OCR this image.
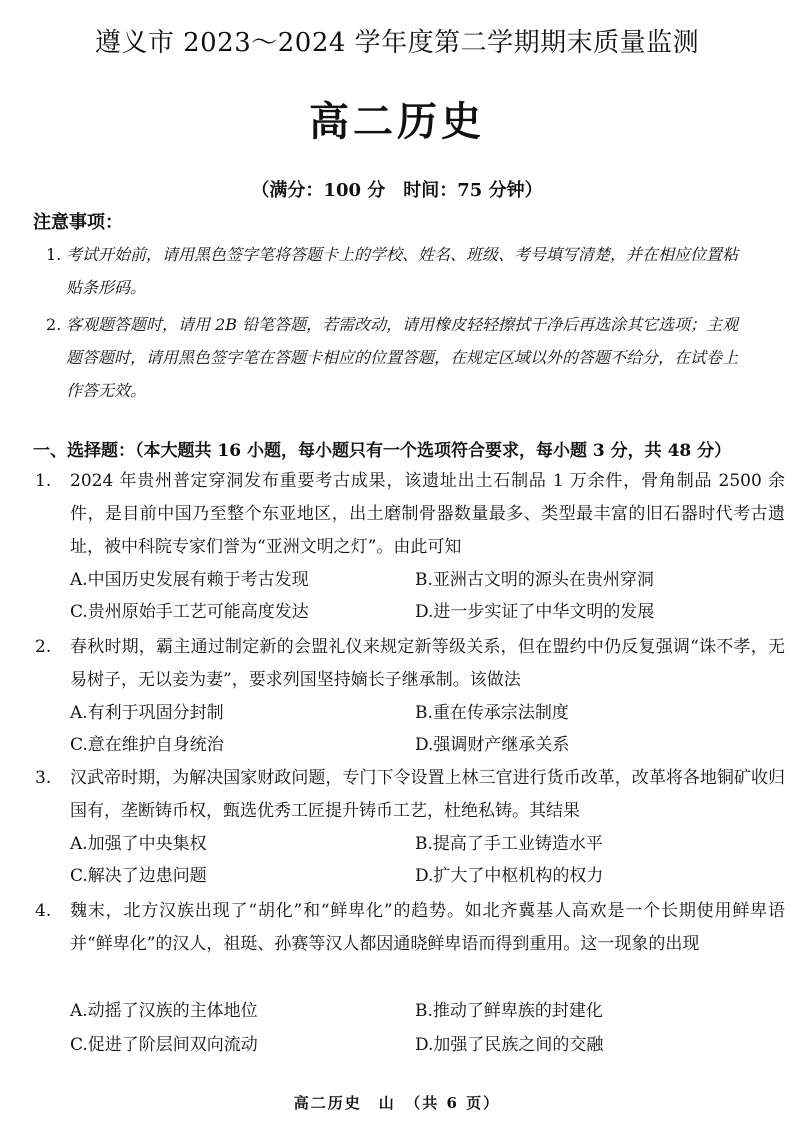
遵义市 2023～2024 学年度第二学期期末质量监测
高二历史
（满分：100 分　时间：75 分钟）
注意事项：
1. 考试开始前，请用黑色签字笔将答题卡上的学校、姓名、班级、考号填写清楚，并在相应位置粘贴条形码。
2. 客观题答题时，请用 2B 铅笔答题，若需改动，请用橡皮轻轻擦拭干净后再选涂其它选项；主观题答题时，请用黑色签字笔在答题卡相应的位置答题，在规定区域以外的答题不给分，在试卷上作答无效。
一、选择题：（本大题共 16 小题，每小题只有一个选项符合要求，每小题 3 分，共 48 分）
1. 2024 年贵州普定穿洞发布重要考古成果，该遗址出土石制品 1 万余件，骨角制品 2500 余件，是目前中国乃至整个东亚地区，出土磨制骨器数量最多、类型最丰富的旧石器时代考古遗址，被中科院专家们誉为“亚洲文明之灯”。由此可知
A.中国历史发展有赖于考古发现	B.亚洲古文明的源头在贵州穿洞
C.贵州原始手工艺可能高度发达	D.进一步实证了中华文明的发展
2. 春秋时期，霸主通过制定新的会盟礼仪来规定新等级关系，但在盟约中仍反复强调“诛不孝，无易树子，无以妾为妻”，要求列国坚持嫡长子继承制。该做法
A.有利于巩固分封制	B.重在传承宗法制度
C.意在维护自身统治	D.强调财产继承关系
3. 汉武帝时期，为解决国家财政问题，专门下令设置上林三官进行货币改革，改革将各地铜矿收归国有，垄断铸币权，甄选优秀工匠提升铸币工艺，杜绝私铸。其结果
A.加强了中央集权	B.提高了手工业铸造水平
C.解决了边患问题	D.扩大了中枢机构的权力
4. 魏末，北方汉族出现了“胡化”和“鲜卑化”的趋势。如北齐冀基人高欢是一个长期使用鲜卑语并“鲜卑化”的汉人，祖珽、孙赛等汉人都因通晓鲜卑语而得到重用。这一现象的出现
A.动摇了汉族的主体地位	B.推动了鲜卑族的封建化
C.促进了阶层间双向流动	D.加强了民族之间的交融
高二历史　山　（共 6 页）
